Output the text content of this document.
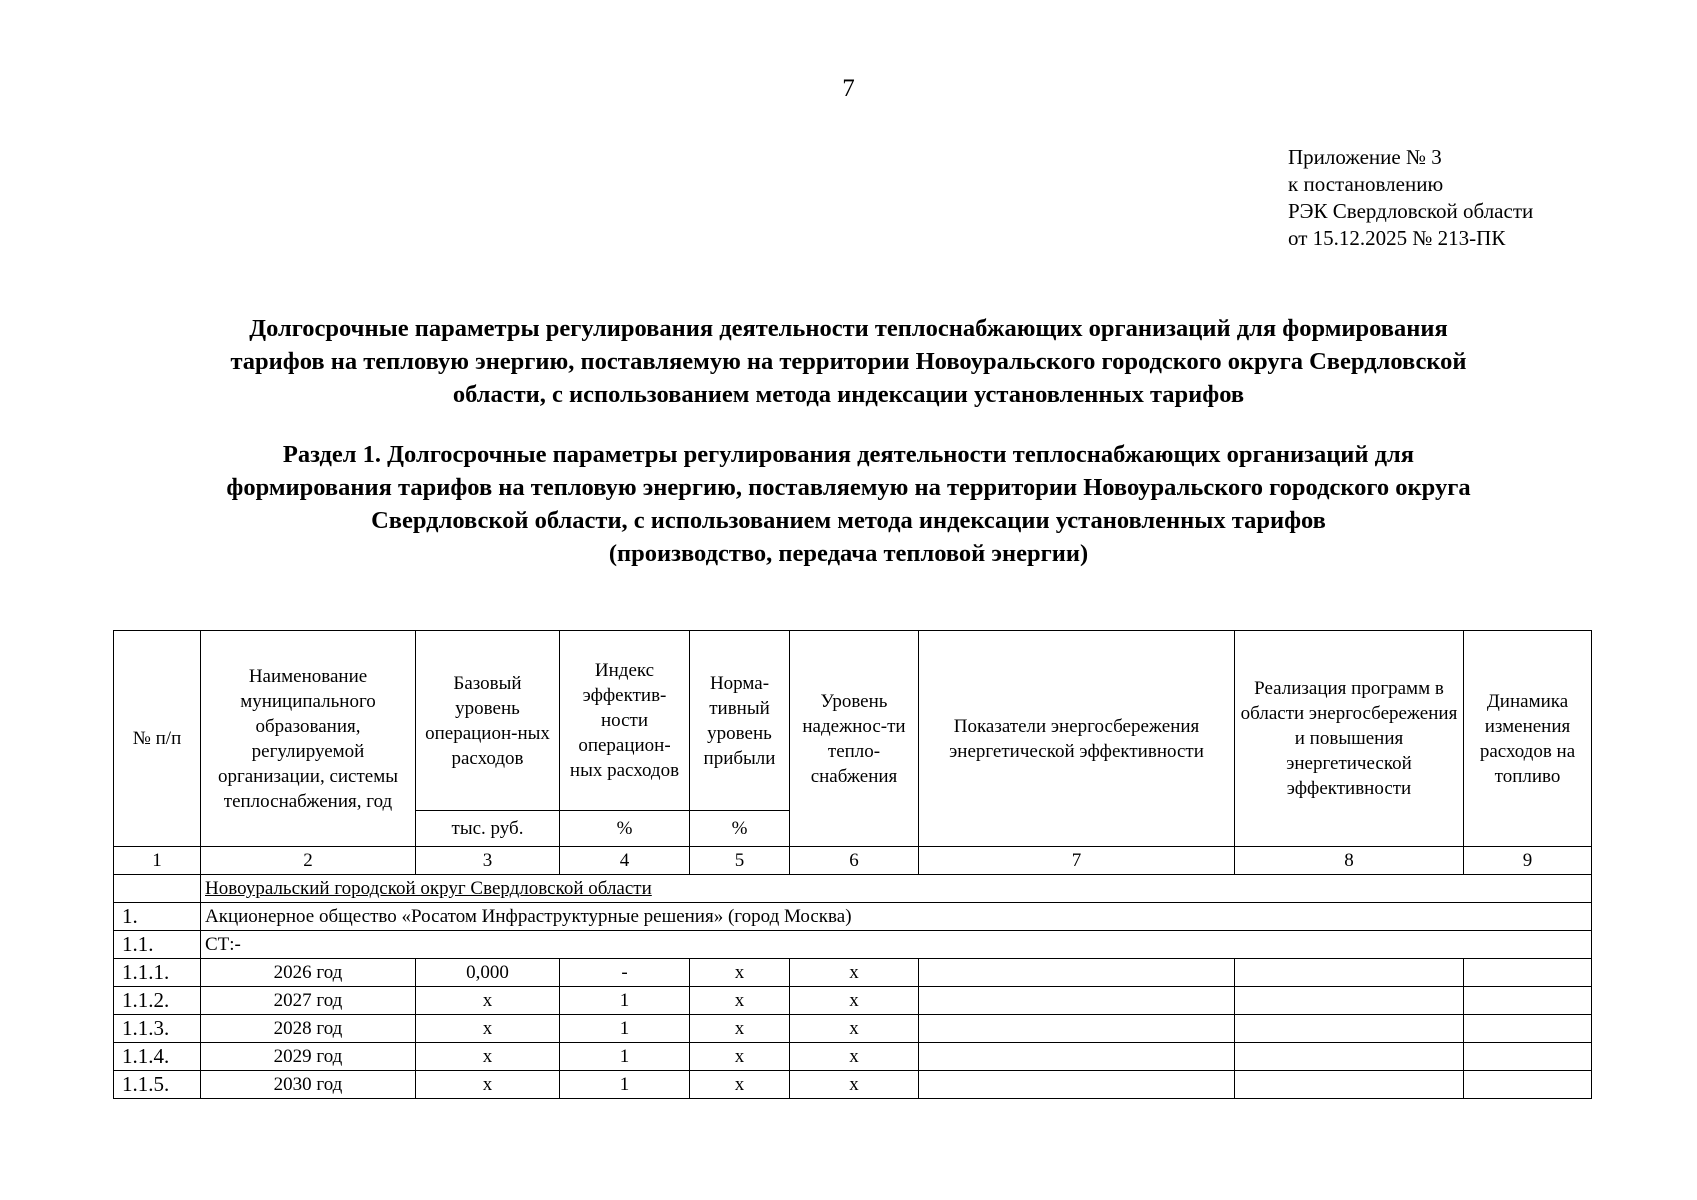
7
Приложение № 3
к постановлению
РЭК Свердловской области
от 15.12.2025 № 213-ПК
Долгосрочные параметры регулирования деятельности теплоснабжающих организаций для формирования
тарифов на тепловую энергию, поставляемую на территории Новоуральского городского округа Свердловской
области, с использованием метода индексации установленных тарифов
Раздел 1. Долгосрочные параметры регулирования деятельности теплоснабжающих организаций для
формирования тарифов на тепловую энергию, поставляемую на территории Новоуральского городского округа
Свердловской области, с использованием метода индексации установленных тарифов
(производство, передача тепловой энергии)
№ п/п	Наименование муниципального образования, регулируемой организации, системы теплоснабжения, год	Базовый уровень операцион-ных расходов	Индекс эффектив-ности операцион-ных расходов	Норма-тивный уровень прибыли	Уровень надежнос-ти тепло-снабжения	Показатели энергосбережения энергетической эффективности	Реализация программ в области энергосбережения и повышения энергетической эффективности	Динамика изменения расходов на топливо
		тыс. руб.	%	%				
1	2	3	4	5	6	7	8	9
	Новоуральский городской округ Свердловской области							
1.	Акционерное общество «Росатом Инфраструктурные решения» (город Москва)							
1.1.	СТ:-							
1.1.1.	2026 год	0,000	-	x	x			
1.1.2.	2027 год	x	1	x	x			
1.1.3.	2028 год	x	1	x	x			
1.1.4.	2029 год	x	1	x	x			
1.1.5.	2030 год	x	1	x	x			
